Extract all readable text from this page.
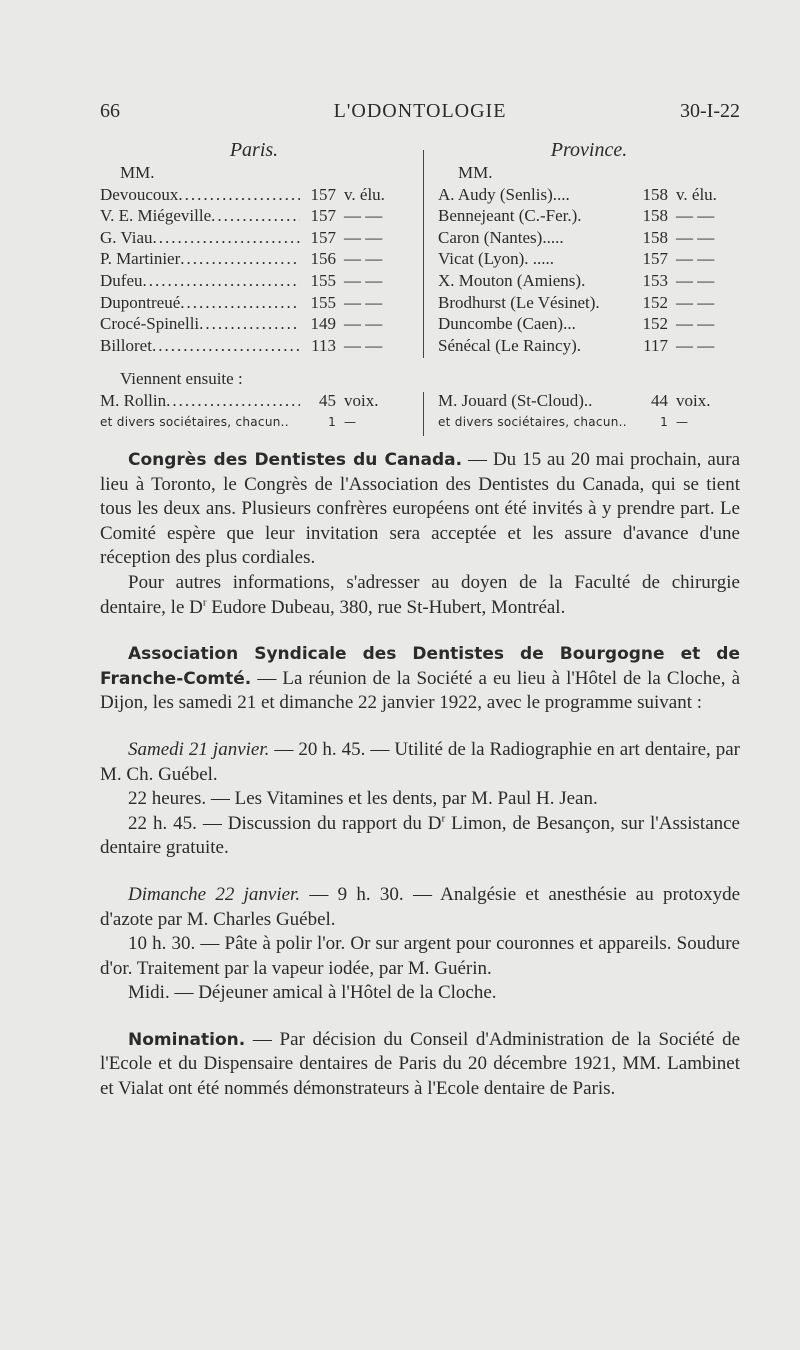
66	L'ODONTOLOGIE	30-I-22
Paris.
MM.
Devoucoux .....	157 v. élu.
V. E. Miégeville .....	157 — —
G. Viau .....	157 — —
P. Martinier .....	156 — —
Dufeu .....	155 — —
Dupontreué .....	155 — —
Crocé-Spinelli .....	149 — —
Billoret .....	113 — —
Viennent ensuite :
M. Rollin .....	45 voix.
et divers sociétaires, chacun..	1 —
Province.
MM.
A. Audy (Senlis)....	158 v. élu.
Bennejeant (C.-Fer.).	158 — —
Caron (Nantes).....	158 — —
Vicat (Lyon). .....	157 — —
X. Mouton (Amiens).	153 — —
Brodhurst (Le Vésinet).	152 — —
Duncombe (Caen)...	152 — —
Sénécal (Le Raincy).	117 — —
M. Jouard (St-Cloud)..	44 voix.
et divers sociétaires, chacun..	1 —

Congrès des Dentistes du Canada. — Du 15 au 20 mai prochain, aura lieu à Toronto, le Congrès de l'Association des Dentistes du Canada, qui se tient tous les deux ans. Plusieurs confrères européens ont été invités à y prendre part. Le Comité espère que leur invitation sera acceptée et les assure d'avance d'une réception des plus cordiales.

Pour autres informations, s'adresser au doyen de la Faculté de chirurgie dentaire, le $D^r$ Eudore Dubeau, 380, rue St-Hubert, Montréal.

Association Syndicale des Dentistes de Bourgogne et de Franche-Comté. — La réunion de la Société a eu lieu à l'Hôtel de la Cloche, à Dijon, les samedi 21 et dimanche 22 janvier 1922, avec le programme suivant :

Samedi 21 janvier. — 20 h. 45. — Utilité de la Radiographie en art dentaire, par M. Ch. Guébel.

22 heures. — Les Vitamines et les dents, par M. Paul H. Jean.

22 h. 45. — Discussion du rapport du $D^r$ Limon, de Besançon, sur l'Assistance dentaire gratuite.

Dimanche 22 janvier. — 9 h. 30. — Analgésie et anesthésie au protoxyde d'azote par M. Charles Guébel.

10 h. 30. — Pâte à polir l'or. Or sur argent pour couronnes et appareils. Soudure d'or. Traitement par la vapeur iodée, par M. Guérin.

Midi. — Déjeuner amical à l'Hôtel de la Cloche.

Nomination. — Par décision du Conseil d'Administration de la Société de l'Ecole et du Dispensaire dentaires de Paris du 20 décembre 1921, MM. Lambinet et Vialat ont été nommés démonstrateurs à l'Ecole dentaire de Paris.
